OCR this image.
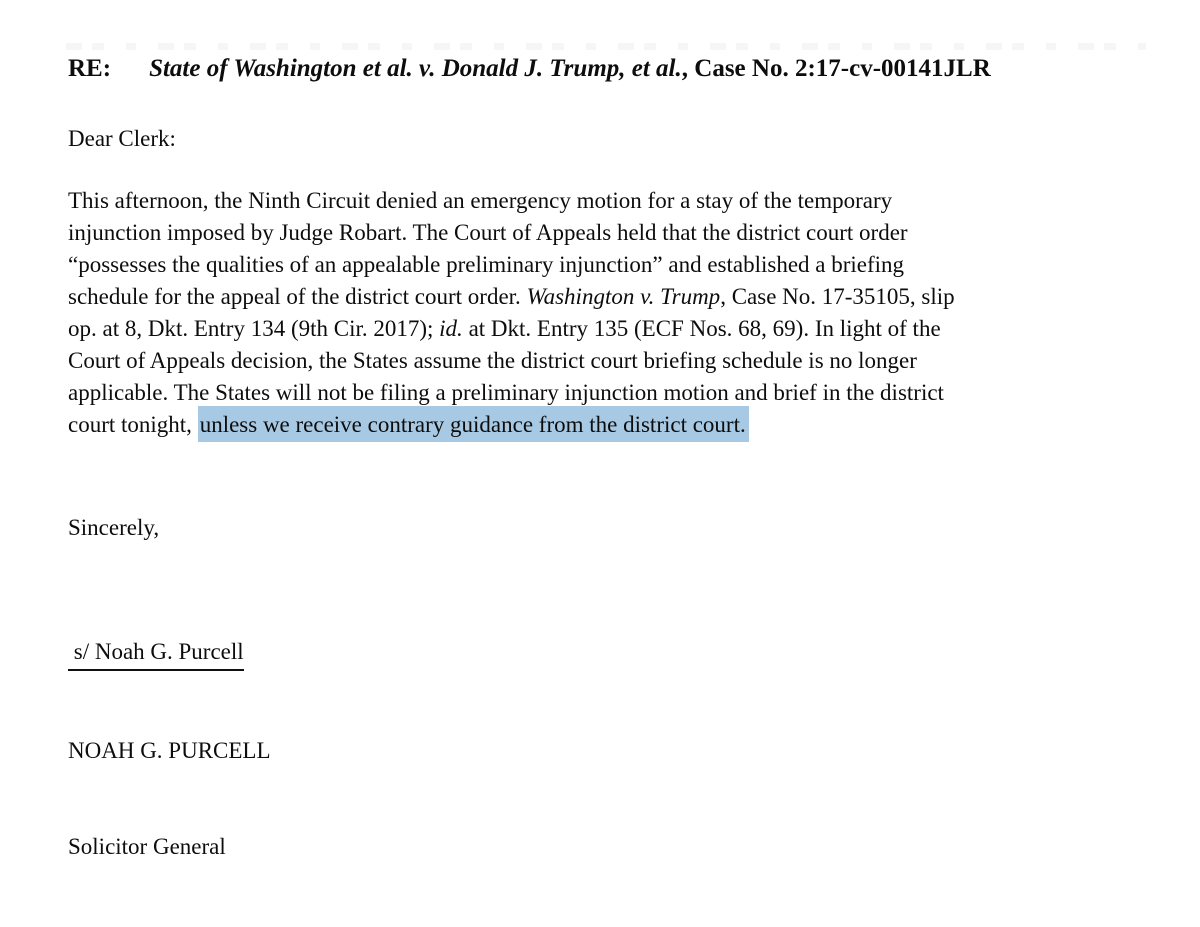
RE: State of Washington et al. v. Donald J. Trump, et al., Case No. 2:17-cv-00141JLR
Dear Clerk:
This afternoon, the Ninth Circuit denied an emergency motion for a stay of the temporary
injunction imposed by Judge Robart. The Court of Appeals held that the district court order
“possesses the qualities of an appealable preliminary injunction” and established a briefing
schedule for the appeal of the district court order. Washington v. Trump, Case No. 17-35105, slip
op. at 8, Dkt. Entry 134 (9th Cir. 2017); id. at Dkt. Entry 135 (ECF Nos. 68, 69). In light of the
Court of Appeals decision, the States assume the district court briefing schedule is no longer
applicable. The States will not be filing a preliminary injunction motion and brief in the district
court tonight, unless we receive contrary guidance from the district court.
Sincerely,

s/ Noah G. Purcell

NOAH G. PURCELL

Solicitor General
